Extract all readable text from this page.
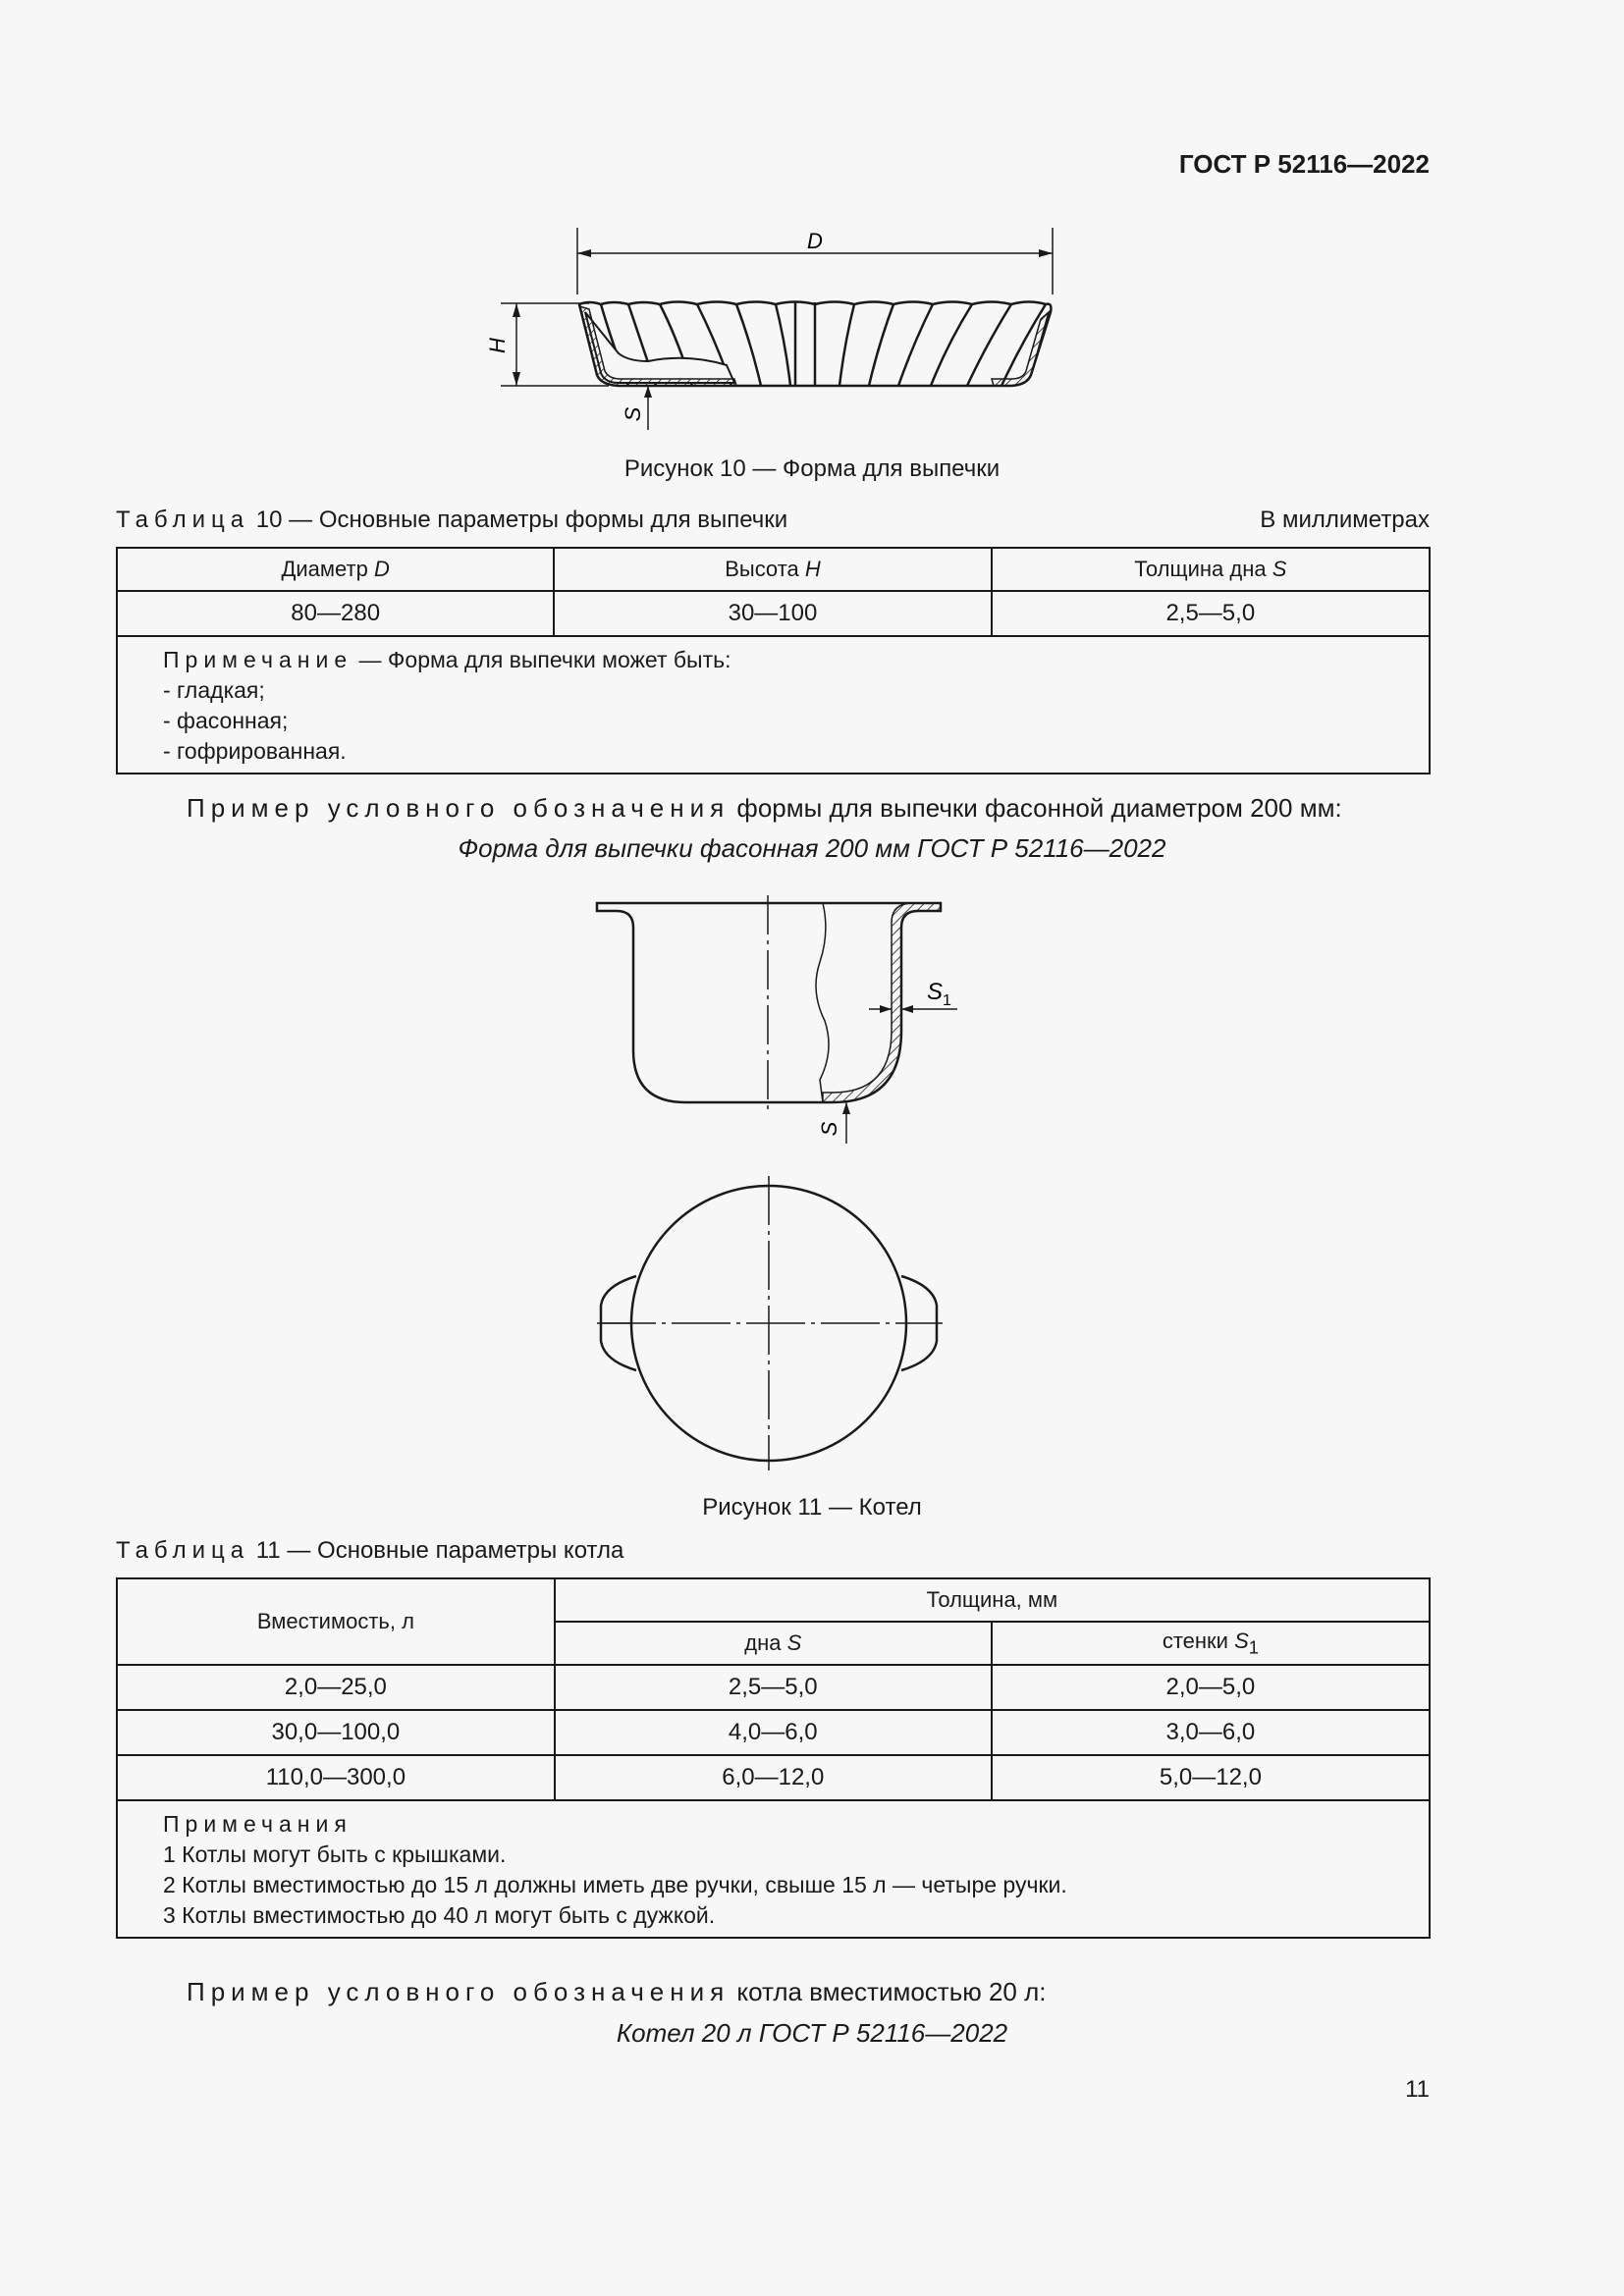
ГОСТ Р 52116—2022
D
H
S
Рисунок 10 — Форма для выпечки
Таблица 10 — Основные параметры формы для выпечки	В миллиметрах
Диаметр D	Высота H	Толщина дна S
80—280	30—100	2,5—5,0

Примечание — Форма для выпечки может быть:
- гладкая;
- фасонная;
- гофрированная.		
Пример условного обозначения формы для выпечки фасонной диаметром 200 мм:
Форма для выпечки фасонная 200 мм ГОСТ Р 52116—2022
$S_1$
S
Рисунок 11 — Котел
Таблица 11 — Основные параметры котла
Вместимость, л	Толщина, мм	
	дна S	стенки $S_1$
2,0—25,0	2,5—5,0	2,0—5,0
30,0—100,0	4,0—6,0	3,0—6,0
110,0—300,0	6,0—12,0	5,0—12,0

Примечания
1 Котлы могут быть с крышками.
2 Котлы вместимостью до 15 л должны иметь две ручки, свыше 15 л — четыре ручки.
3 Котлы вместимостью до 40 л могут быть с дужкой.		
Пример условного обозначения котла вместимостью 20 л:
Котел 20 л ГОСТ Р 52116—2022
11
